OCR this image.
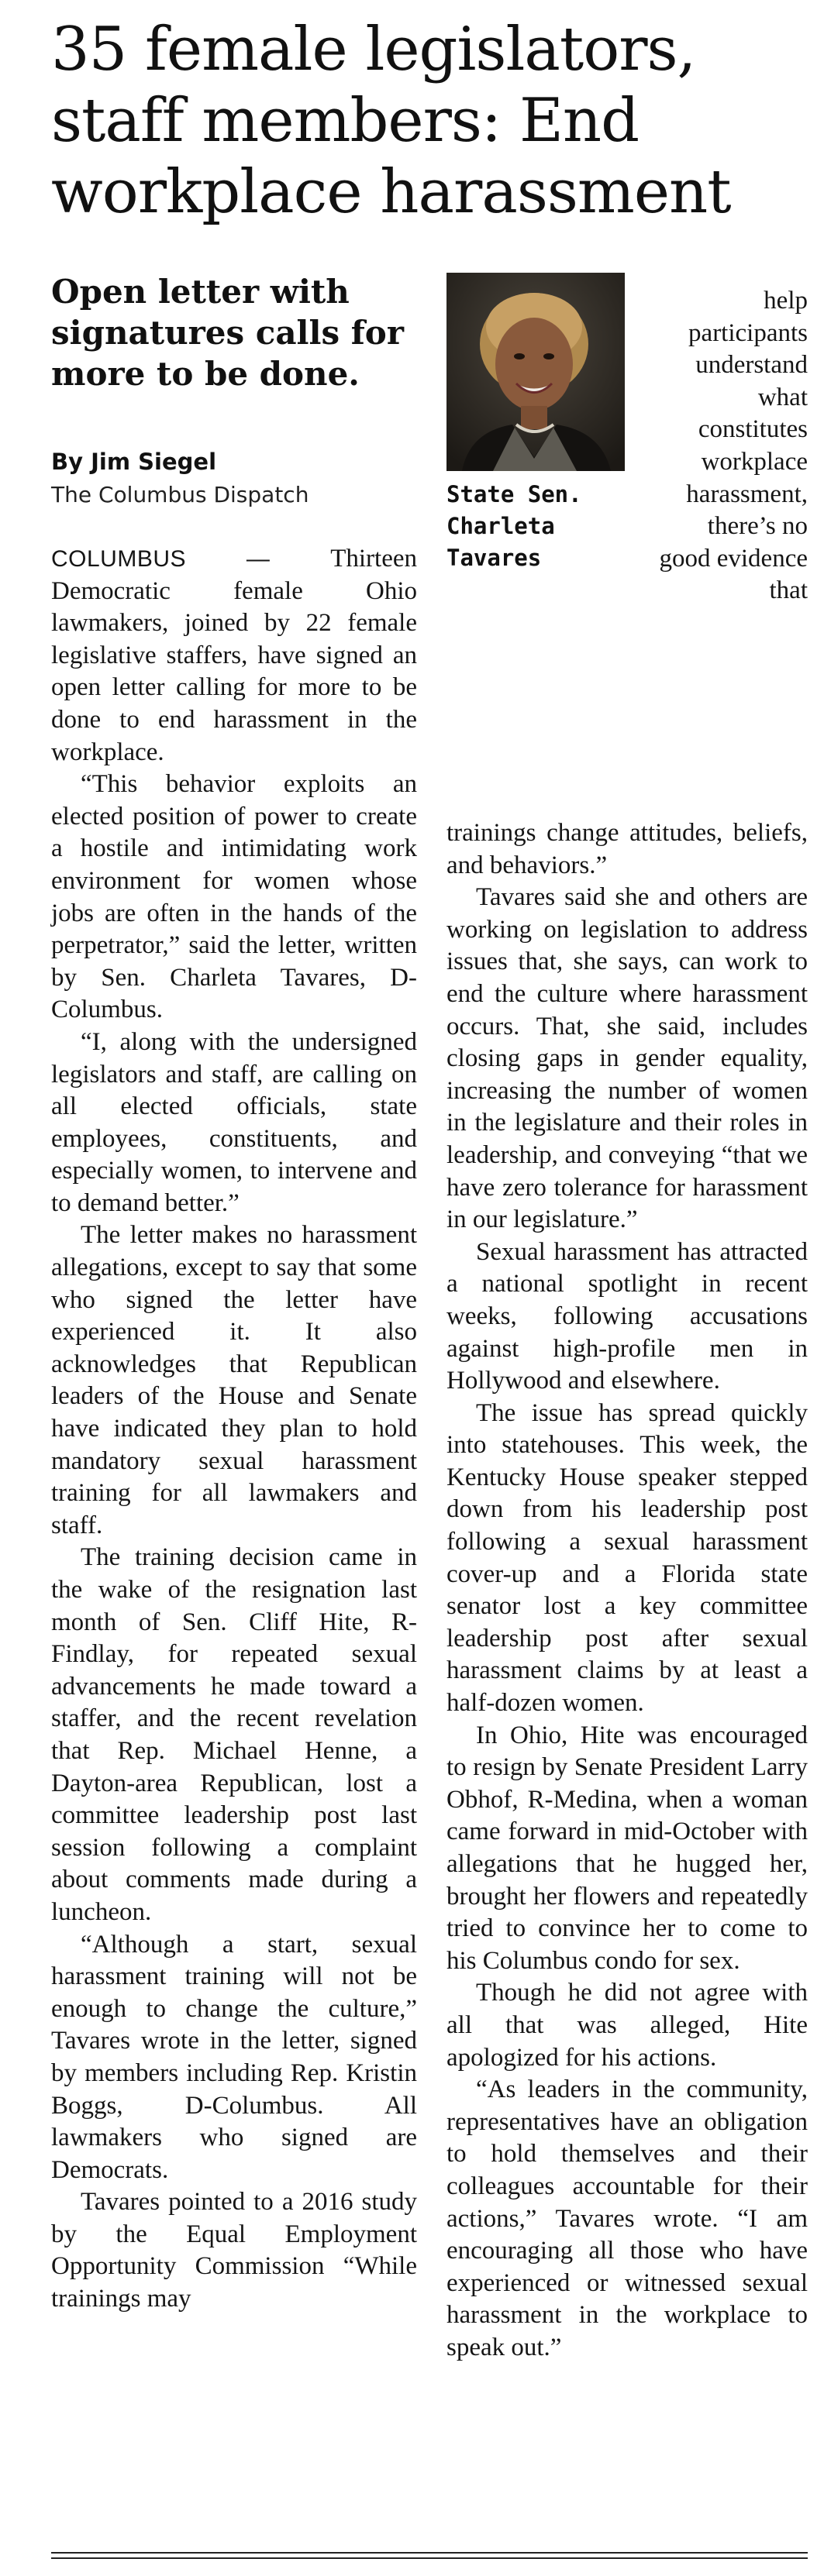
35 female legislators,
staff members: End
workplace harassment
Open letter with
signatures calls for
more to be done.
By Jim Siegel
The Columbus Dispatch	State Sen.
Charleta
Tavares

help participants understand what constitutes workplace harassment, there’s no good evidence that

COLUMBUS — Thirteen Democratic female Ohio lawmakers, joined by 22 female legislative staffers, have signed an open letter calling for more to be done to end harassment in the workplace.

“This behavior exploits an elected position of power to create a hostile and intimidating work environment for women whose jobs are often in the hands of the perpetrator,” said the letter, written by Sen. Charleta Tavares, D-Columbus.

“I, along with the undersigned legislators and staff, are calling on all elected officials, state employees, constituents, and especially women, to intervene and to demand better.”

The letter makes no harassment allegations, except to say that some who signed the letter have experienced it. It also acknowledges that Republican leaders of the House and Senate have indicated they plan to hold mandatory sexual harassment training for all lawmakers and staff.

The training decision came in the wake of the resignation last month of Sen. Cliff Hite, R-Findlay, for repeated sexual advancements he made toward a staffer, and the recent revelation that Rep. Michael Henne, a Dayton-area Republican, lost a committee leadership post last session following a complaint about comments made during a luncheon.

“Although a start, sexual harassment training will not be enough to change the culture,” Tavares wrote in the letter, signed by members including Rep. Kristin Boggs, D-Columbus. All lawmakers who signed are Democrats.

Tavares pointed to a 2016 study by the Equal Employment Opportunity Commission “While trainings may

trainings change attitudes, beliefs, and behaviors.”

Tavares said she and others are working on legislation to address issues that, she says, can work to end the culture where harassment occurs. That, she said, includes closing gaps in gender equality, increasing the number of women in the legislature and their roles in leadership, and conveying “that we have zero tolerance for harassment in our legislature.”

Sexual harassment has attracted a national spotlight in recent weeks, following accusations against high-profile men in Hollywood and elsewhere.

The issue has spread quickly into statehouses. This week, the Kentucky House speaker stepped down from his leadership post following a sexual harassment cover-up and a Florida state senator lost a key committee leadership post after sexual harassment claims by at least a half-dozen women.

In Ohio, Hite was encouraged to resign by Senate President Larry Obhof, R-Medina, when a woman came forward in mid-October with allegations that he hugged her, brought her flowers and repeatedly tried to convince her to come to his Columbus condo for sex.

Though he did not agree with all that was alleged, Hite apologized for his actions.

“As leaders in the community, representatives have an obligation to hold themselves and their colleagues accountable for their actions,” Tavares wrote. “I am encouraging all those who have experienced or witnessed sexual harassment in the workplace to speak out.”
